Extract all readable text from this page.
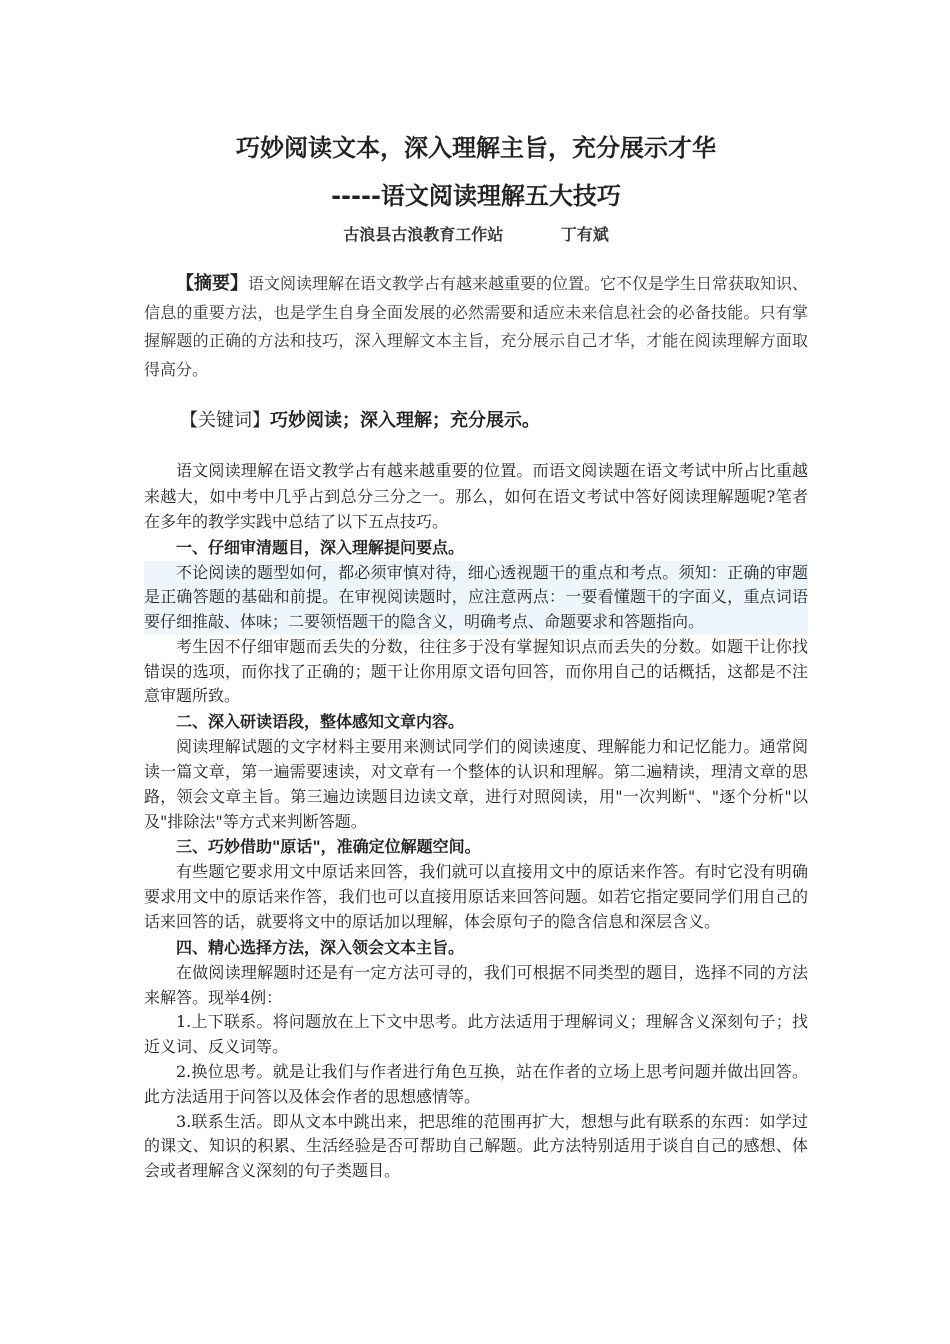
巧妙阅读文本，深入理解主旨，充分展示才华
-----语文阅读理解五大技巧

古浪县古浪教育工作站	丁有斌

【摘要】语文阅读理解在语文教学占有越来越重要的位置。它不仅是学生日常获取知识、信息的重要方法，也是学生自身全面发展的必然需要和适应未来信息社会的必备技能。只有掌握解题的正确的方法和技巧，深入理解文本主旨，充分展示自己才华，才能在阅读理解方面取得高分。

【关键词】巧妙阅读；深入理解；充分展示。

语文阅读理解在语文教学占有越来越重要的位置。而语文阅读题在语文考试中所占比重越来越大，如中考中几乎占到总分三分之一。那么，如何在语文考试中答好阅读理解题呢?笔者在多年的教学实践中总结了以下五点技巧。

一、仔细审清题目，深入理解提问要点。

不论阅读的题型如何，都必须审慎对待，细心透视题干的重点和考点。须知：正确的审题是正确答题的基础和前提。在审视阅读题时，应注意两点：一要看懂题干的字面义，重点词语要仔细推敲、体味；二要领悟题干的隐含义，明确考点、命题要求和答题指向。

考生因不仔细审题而丢失的分数，往往多于没有掌握知识点而丢失的分数。如题干让你找错误的选项，而你找了正确的；题干让你用原文语句回答，而你用自己的话概括，这都是不注意审题所致。

二、深入研读语段，整体感知文章内容。

阅读理解试题的文字材料主要用来测试同学们的阅读速度、理解能力和记忆能力。通常阅读一篇文章，第一遍需要速读，对文章有一个整体的认识和理解。第二遍精读，理清文章的思路，领会文章主旨。第三遍边读题目边读文章，进行对照阅读，用"一次判断"、"逐个分析"以及"排除法"等方式来判断答题。

三、巧妙借助"原话"，准确定位解题空间。

有些题它要求用文中原话来回答，我们就可以直接用文中的原话来作答。有时它没有明确要求用文中的原话来作答，我们也可以直接用原话来回答问题。如若它指定要同学们用自己的话来回答的话，就要将文中的原话加以理解，体会原句子的隐含信息和深层含义。

四、精心选择方法，深入领会文本主旨。

在做阅读理解题时还是有一定方法可寻的，我们可根据不同类型的题目，选择不同的方法来解答。现举4例：

1.上下联系。将问题放在上下文中思考。此方法适用于理解词义；理解含义深刻句子；找近义词、反义词等。

2.换位思考。就是让我们与作者进行角色互换，站在作者的立场上思考问题并做出回答。此方法适用于问答以及体会作者的思想感情等。

3.联系生活。即从文本中跳出来，把思维的范围再扩大，想想与此有联系的东西：如学过的课文、知识的积累、生活经验是否可帮助自己解题。此方法特别适用于谈自自己的感想、体会或者理解含义深刻的句子类题目。
